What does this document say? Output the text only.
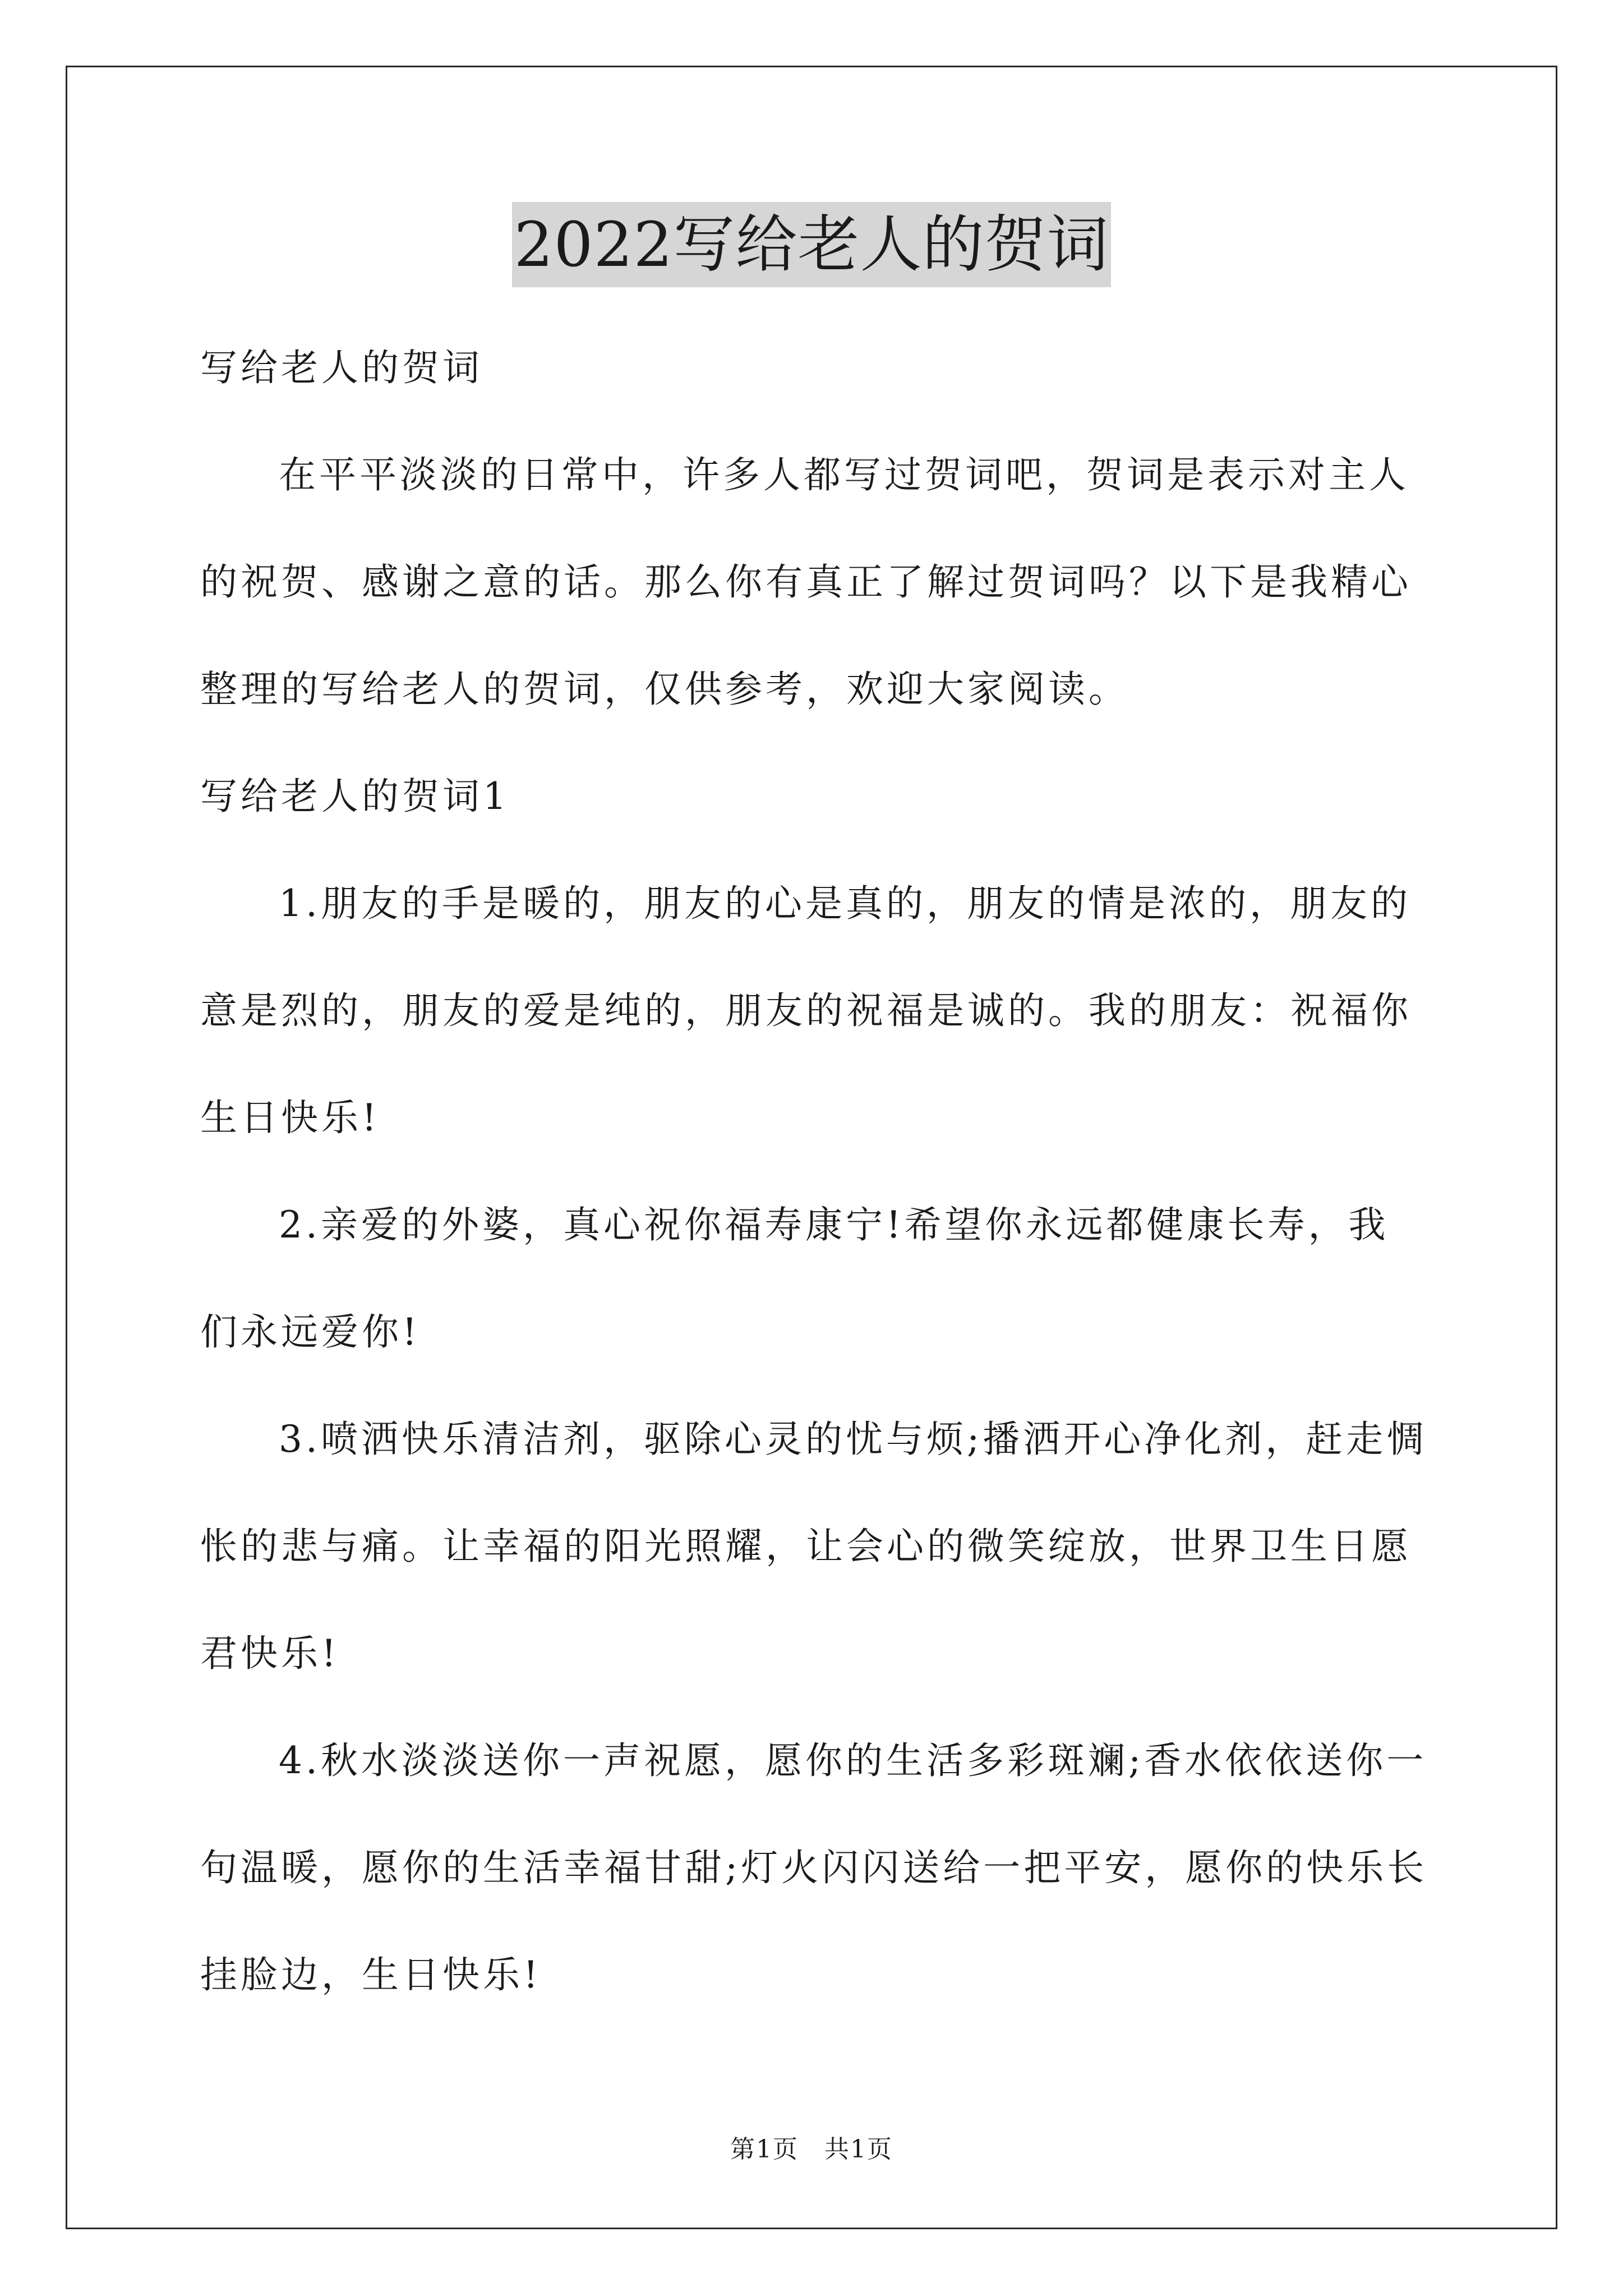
2022写给老人的贺词

写给老人的贺词

在平平淡淡的日常中，许多人都写过贺词吧，贺词是表示对主人的祝贺、感谢之意的话。那么你有真正了解过贺词吗？以下是我精心整理的写给老人的贺词，仅供参考，欢迎大家阅读。

写给老人的贺词1

1.朋友的手是暖的，朋友的心是真的，朋友的情是浓的，朋友的意是烈的，朋友的爱是纯的，朋友的祝福是诚的。我的朋友：祝福你生日快乐!

2.亲爱的外婆，真心祝你福寿康宁!希望你永远都健康长寿，我们永远爱你!

3.喷洒快乐清洁剂，驱除心灵的忧与烦;播洒开心净化剂，赶走惆怅的悲与痛。让幸福的阳光照耀，让会心的微笑绽放，世界卫生日愿君快乐!

4.秋水淡淡送你一声祝愿，愿你的生活多彩斑斓;香水依依送你一句温暖，愿你的生活幸福甘甜;灯火闪闪送给一把平安，愿你的快乐长挂脸边，生日快乐!

第1页　共1页
